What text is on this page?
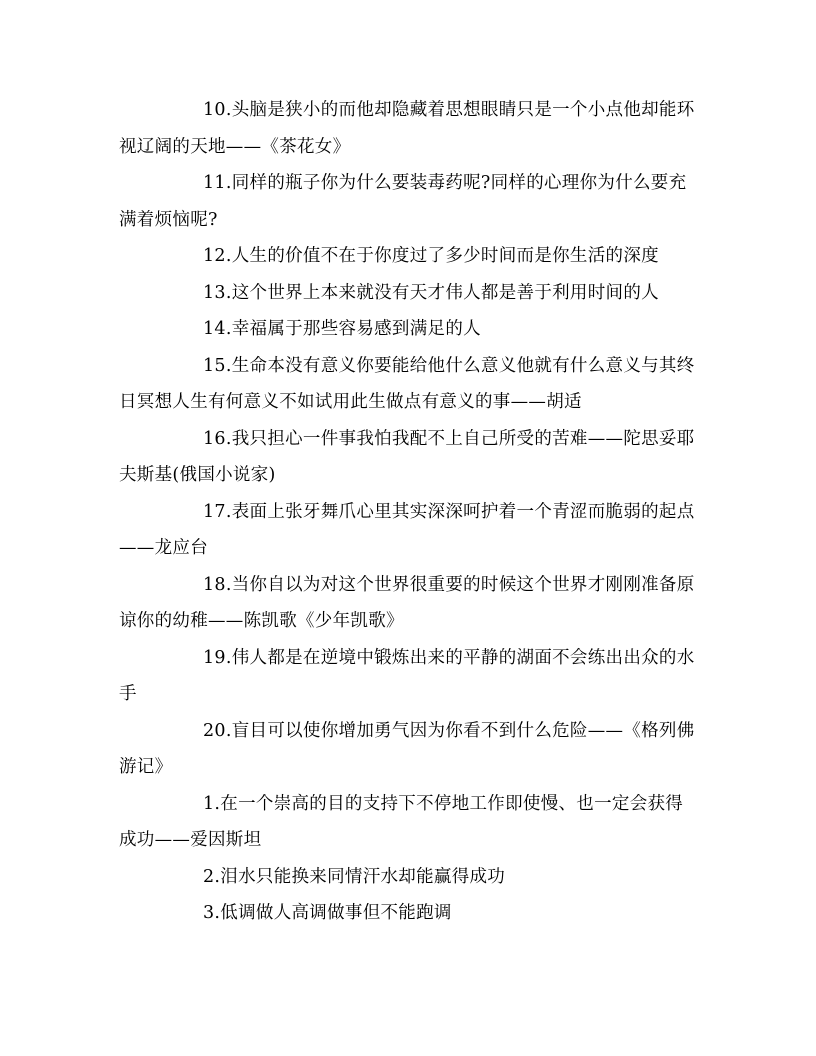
10.头脑是狭小的而他却隐藏着思想眼睛只是一个小点他却能环视辽阔的天地——《茶花女》

11.同样的瓶子你为什么要装毒药呢?同样的心理你为什么要充满着烦恼呢?

12.人生的价值不在于你度过了多少时间而是你生活的深度

13.这个世界上本来就没有天才伟人都是善于利用时间的人

14.幸福属于那些容易感到满足的人

15.生命本没有意义你要能给他什么意义他就有什么意义与其终日冥想人生有何意义不如试用此生做点有意义的事——胡适

16.我只担心一件事我怕我配不上自己所受的苦难——陀思妥耶夫斯基(俄国小说家)

17.表面上张牙舞爪心里其实深深呵护着一个青涩而脆弱的起点——龙应台

18.当你自以为对这个世界很重要的时候这个世界才刚刚准备原谅你的幼稚——陈凯歌《少年凯歌》

19.伟人都是在逆境中锻炼出来的平静的湖面不会练出出众的水手

20.盲目可以使你增加勇气因为你看不到什么危险——《格列佛游记》

1.在一个崇高的目的支持下不停地工作即使慢、也一定会获得成功——爱因斯坦

2.泪水只能换来同情汗水却能赢得成功

3.低调做人高调做事但不能跑调
